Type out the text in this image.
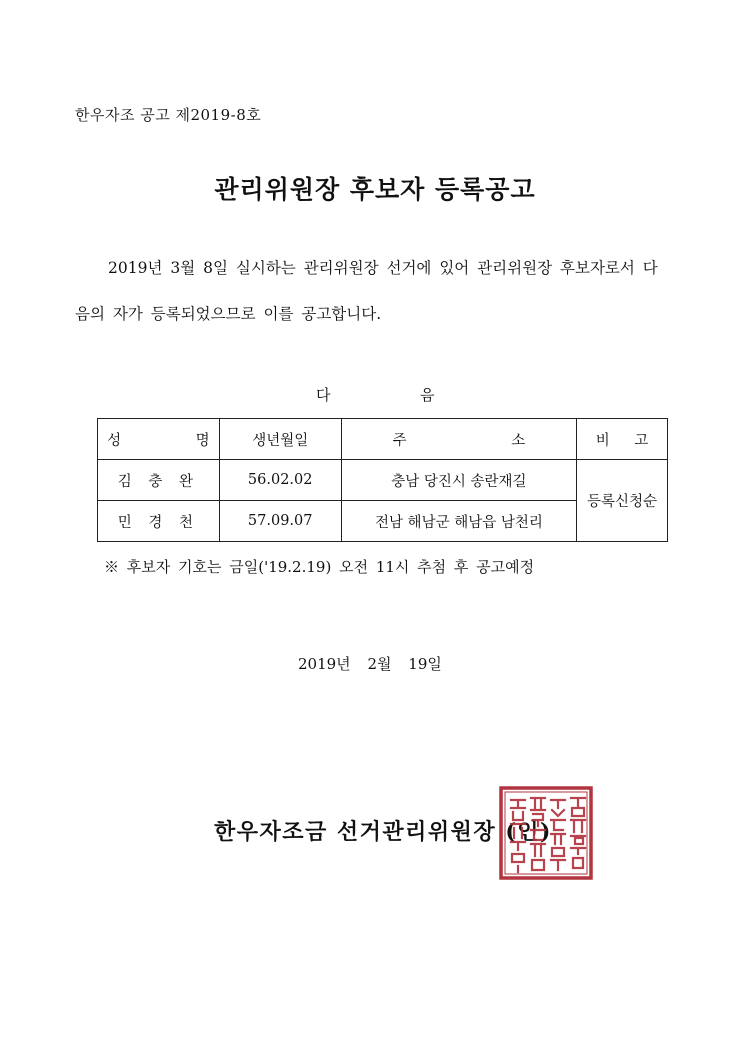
한우자조 공고 제2019-8호
관리위원장 후보자 등록공고
2019년 3월 8일 실시하는 관리위원장 선거에 있어 관리위원장 후보자로서 다
음의 자가 등록되었으므로 이를 공고합니다.
다	음
성 명	생년월일	주 소	비 고
김 충 완	56.02.02	충남 당진시 송란재길	등록신청순
민 경 천	57.09.07	전남 해남군 해남읍 남천리	
※ 후보자 기호는 금일('19.2.19) 오전 11시 추첨 후 공고예정
2019년 2월 19일
한우자조금 선거관리위원장 (인)
